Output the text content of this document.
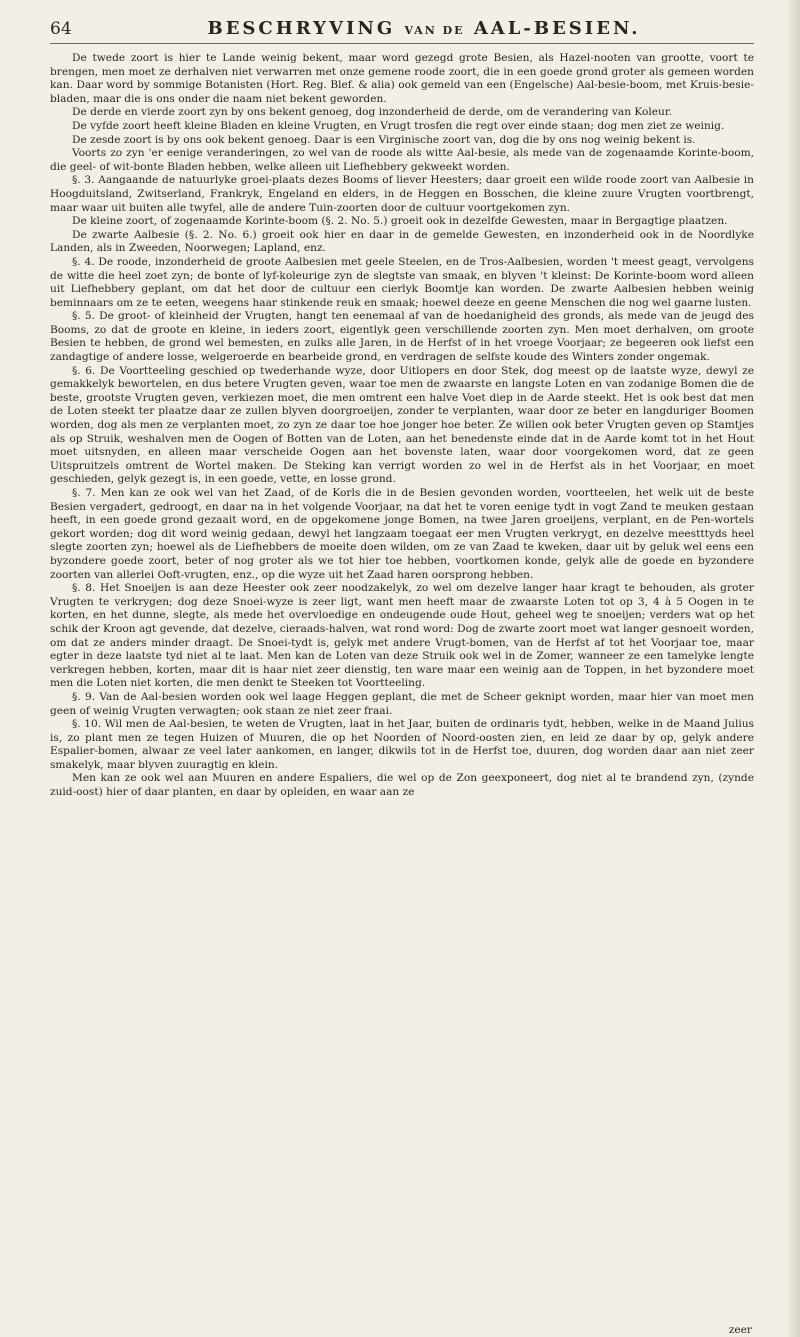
64	BESCHRYVING VAN DE AAL-BESIEN.

De twede zoort is hier te Lande weinig bekent, maar word gezegd grote Besien, als Hazel-nooten van grootte, voort te brengen, men moet ze derhalven niet verwarren met onze gemene roode zoort, die in een goede grond groter als gemeen worden kan. Daar word by sommige Botanisten (Hort. Reg. Blef. & alia) ook gemeld van een (Engelsche) Aal-besie-boom, met Kruis-besie-bladen, maar die is ons onder die naam niet bekent geworden.

De derde en vierde zoort zyn by ons bekent genoeg, dog inzonderheid de derde, om de verandering van Koleur.

De vyfde zoort heeft kleine Bladen en kleine Vrugten, en Vrugt trosfen die regt over einde staan; dog men ziet ze weinig.

De zesde zoort is by ons ook bekent genoeg. Daar is een Virginische zoort van, dog die by ons nog weinig bekent is.

Voorts zo zyn 'er eenige veranderingen, zo wel van de roode als witte Aal-besie, als mede van de zogenaamde Korinte-boom, die geel- of wit-bonte Bladen hebben, welke alleen uit Liefhebbery gekweekt worden.

§. 3. Aangaande de natuurlyke groei-plaats dezes Booms of liever Heesters; daar groeit een wilde roode zoort van Aalbesie in Hoogduitsland, Zwitserland, Frankryk, Engeland en elders, in de Heggen en Bosschen, die kleine zuure Vrugten voortbrengt, maar waar uit buiten alle twyfel, alle de andere Tuin-zoorten door de cultuur voortgekomen zyn.

De kleine zoort, of zogenaamde Korinte-boom (§. 2. No. 5.) groeit ook in dezelfde Gewesten, maar in Bergagtige plaatzen.

De zwarte Aalbesie (§. 2. No. 6.) groeit ook hier en daar in de gemelde Gewesten, en inzonderheid ook in de Noordlyke Landen, als in Zweeden, Noorwegen; Lapland, enz.

§. 4. De roode, inzonderheid de groote Aalbesien met geele Steelen, en de Tros-Aalbesien, worden 't meest geagt, vervolgens de witte die heel zoet zyn; de bonte of lyf-koleurige zyn de slegtste van smaak, en blyven 't kleinst: De Korinte-boom word alleen uit Liefhebbery geplant, om dat het door de cultuur een cierlyk Boomtje kan worden. De zwarte Aalbesien hebben weinig beminnaars om ze te eeten, weegens haar stinkende reuk en smaak; hoewel deeze en geene Menschen die nog wel gaarne lusten.

§. 5. De groot- of kleinheid der Vrugten, hangt ten eenemaal af van de hoedanigheid des gronds, als mede van de jeugd des Booms, zo dat de groote en kleine, in ieders zoort, eigentlyk geen verschillende zoorten zyn. Men moet derhalven, om groote Besien te hebben, de grond wel bemesten, en zulks alle Jaren, in de Herfst of in het vroege Voorjaar; ze begeeren ook liefst een zandagtige of andere losse, welgeroerde en bearbeide grond, en verdragen de selfste koude des Winters zonder ongemak.

§. 6. De Voortteeling geschied op twederhande wyze, door Uitlopers en door Stek, dog meest op de laatste wyze, dewyl ze gemakkelyk bewortelen, en dus betere Vrugten geven, waar toe men de zwaarste en langste Loten en van zodanige Bomen die de beste, grootste Vrugten geven, verkiezen moet, die men omtrent een halve Voet diep in de Aarde steekt. Het is ook best dat men de Loten steekt ter plaatze daar ze zullen blyven doorgroeijen, zonder te verplanten, waar door ze beter en langduriger Boomen worden, dog als men ze verplanten moet, zo zyn ze daar toe hoe jonger hoe beter. Ze willen ook beter Vrugten geven op Stamtjes als op Struik, weshalven men de Oogen of Botten van de Loten, aan het benedenste einde dat in de Aarde komt tot in het Hout moet uitsnyden, en alleen maar verscheide Oogen aan het bovenste laten, waar door voorgekomen word, dat ze geen Uitspruitzels omtrent de Wortel maken. De Steking kan verrigt worden zo wel in de Herfst als in het Voorjaar, en moet geschieden, gelyk gezegt is, in een goede, vette, en losse grond.

§. 7. Men kan ze ook wel van het Zaad, of de Korls die in de Besien gevonden worden, voortteelen, het welk uit de beste Besien vergadert, gedroogt, en daar na in het volgende Voorjaar, na dat het te voren eenige tydt in vogt Zand te meuken gestaan heeft, in een goede grond gezaait word, en de opgekomene jonge Bomen, na twee Jaren groeijens, verplant, en de Pen-wortels gekort worden; dog dit word weinig gedaan, dewyl het langzaam toegaat eer men Vrugten verkrygt, en dezelve meestttyds heel slegte zoorten zyn; hoewel als de Liefhebbers de moeite doen wilden, om ze van Zaad te kweken, daar uit by geluk wel eens een byzondere goede zoort, beter of nog groter als we tot hier toe hebben, voortkomen konde, gelyk alle de goede en byzondere zoorten van allerlei Ooft-vrugten, enz., op die wyze uit het Zaad haren oorsprong hebben.

§. 8. Het Snoeijen is aan deze Heester ook zeer noodzakelyk, zo wel om dezelve langer haar kragt te behouden, als groter Vrugten te verkrygen; dog deze Snoei-wyze is zeer ligt, want men heeft maar de zwaarste Loten tot op 3, 4 à 5 Oogen in te korten, en het dunne, slegte, als mede het overvloedige en ondeugende oude Hout, geheel weg te snoeijen; verders wat op het schik der Kroon agt gevende, dat dezelve, cieraads-halven, wat rond word: Dog de zwarte zoort moet wat langer gesnoeit worden, om dat ze anders minder draagt. De Snoei-tydt is, gelyk met andere Vrugt-bomen, van de Herfst af tot het Voorjaar toe, maar egter in deze laatste tyd niet al te laat. Men kan de Loten van deze Struik ook wel in de Zomer, wanneer ze een tamelyke lengte verkregen hebben, korten, maar dit is haar niet zeer dienstig, ten ware maar een weinig aan de Toppen, in het byzondere moet men die Loten niet korten, die men denkt te Steeken tot Voortteeling.

§. 9. Van de Aal-besien worden ook wel laage Heggen geplant, die met de Scheer geknipt worden, maar hier van moet men geen of weinig Vrugten verwagten; ook staan ze niet zeer fraai.

§. 10. Wil men de Aal-besien, te weten de Vrugten, laat in het Jaar, buiten de ordinaris tydt, hebben, welke in de Maand Julius is, zo plant men ze tegen Huizen of Muuren, die op het Noorden of Noord-oosten zien, en leid ze daar by op, gelyk andere Espalier-bomen, alwaar ze veel later aankomen, en langer, dikwils tot in de Herfst toe, duuren, dog worden daar aan niet zeer smakelyk, maar blyven zuuragtig en klein.

Men kan ze ook wel aan Muuren en andere Espaliers, die wel op de Zon geexponeert, dog niet al te brandend zyn, (zynde zuid-oost) hier of daar planten, en daar by opleiden, en waar aan ze

zeer
